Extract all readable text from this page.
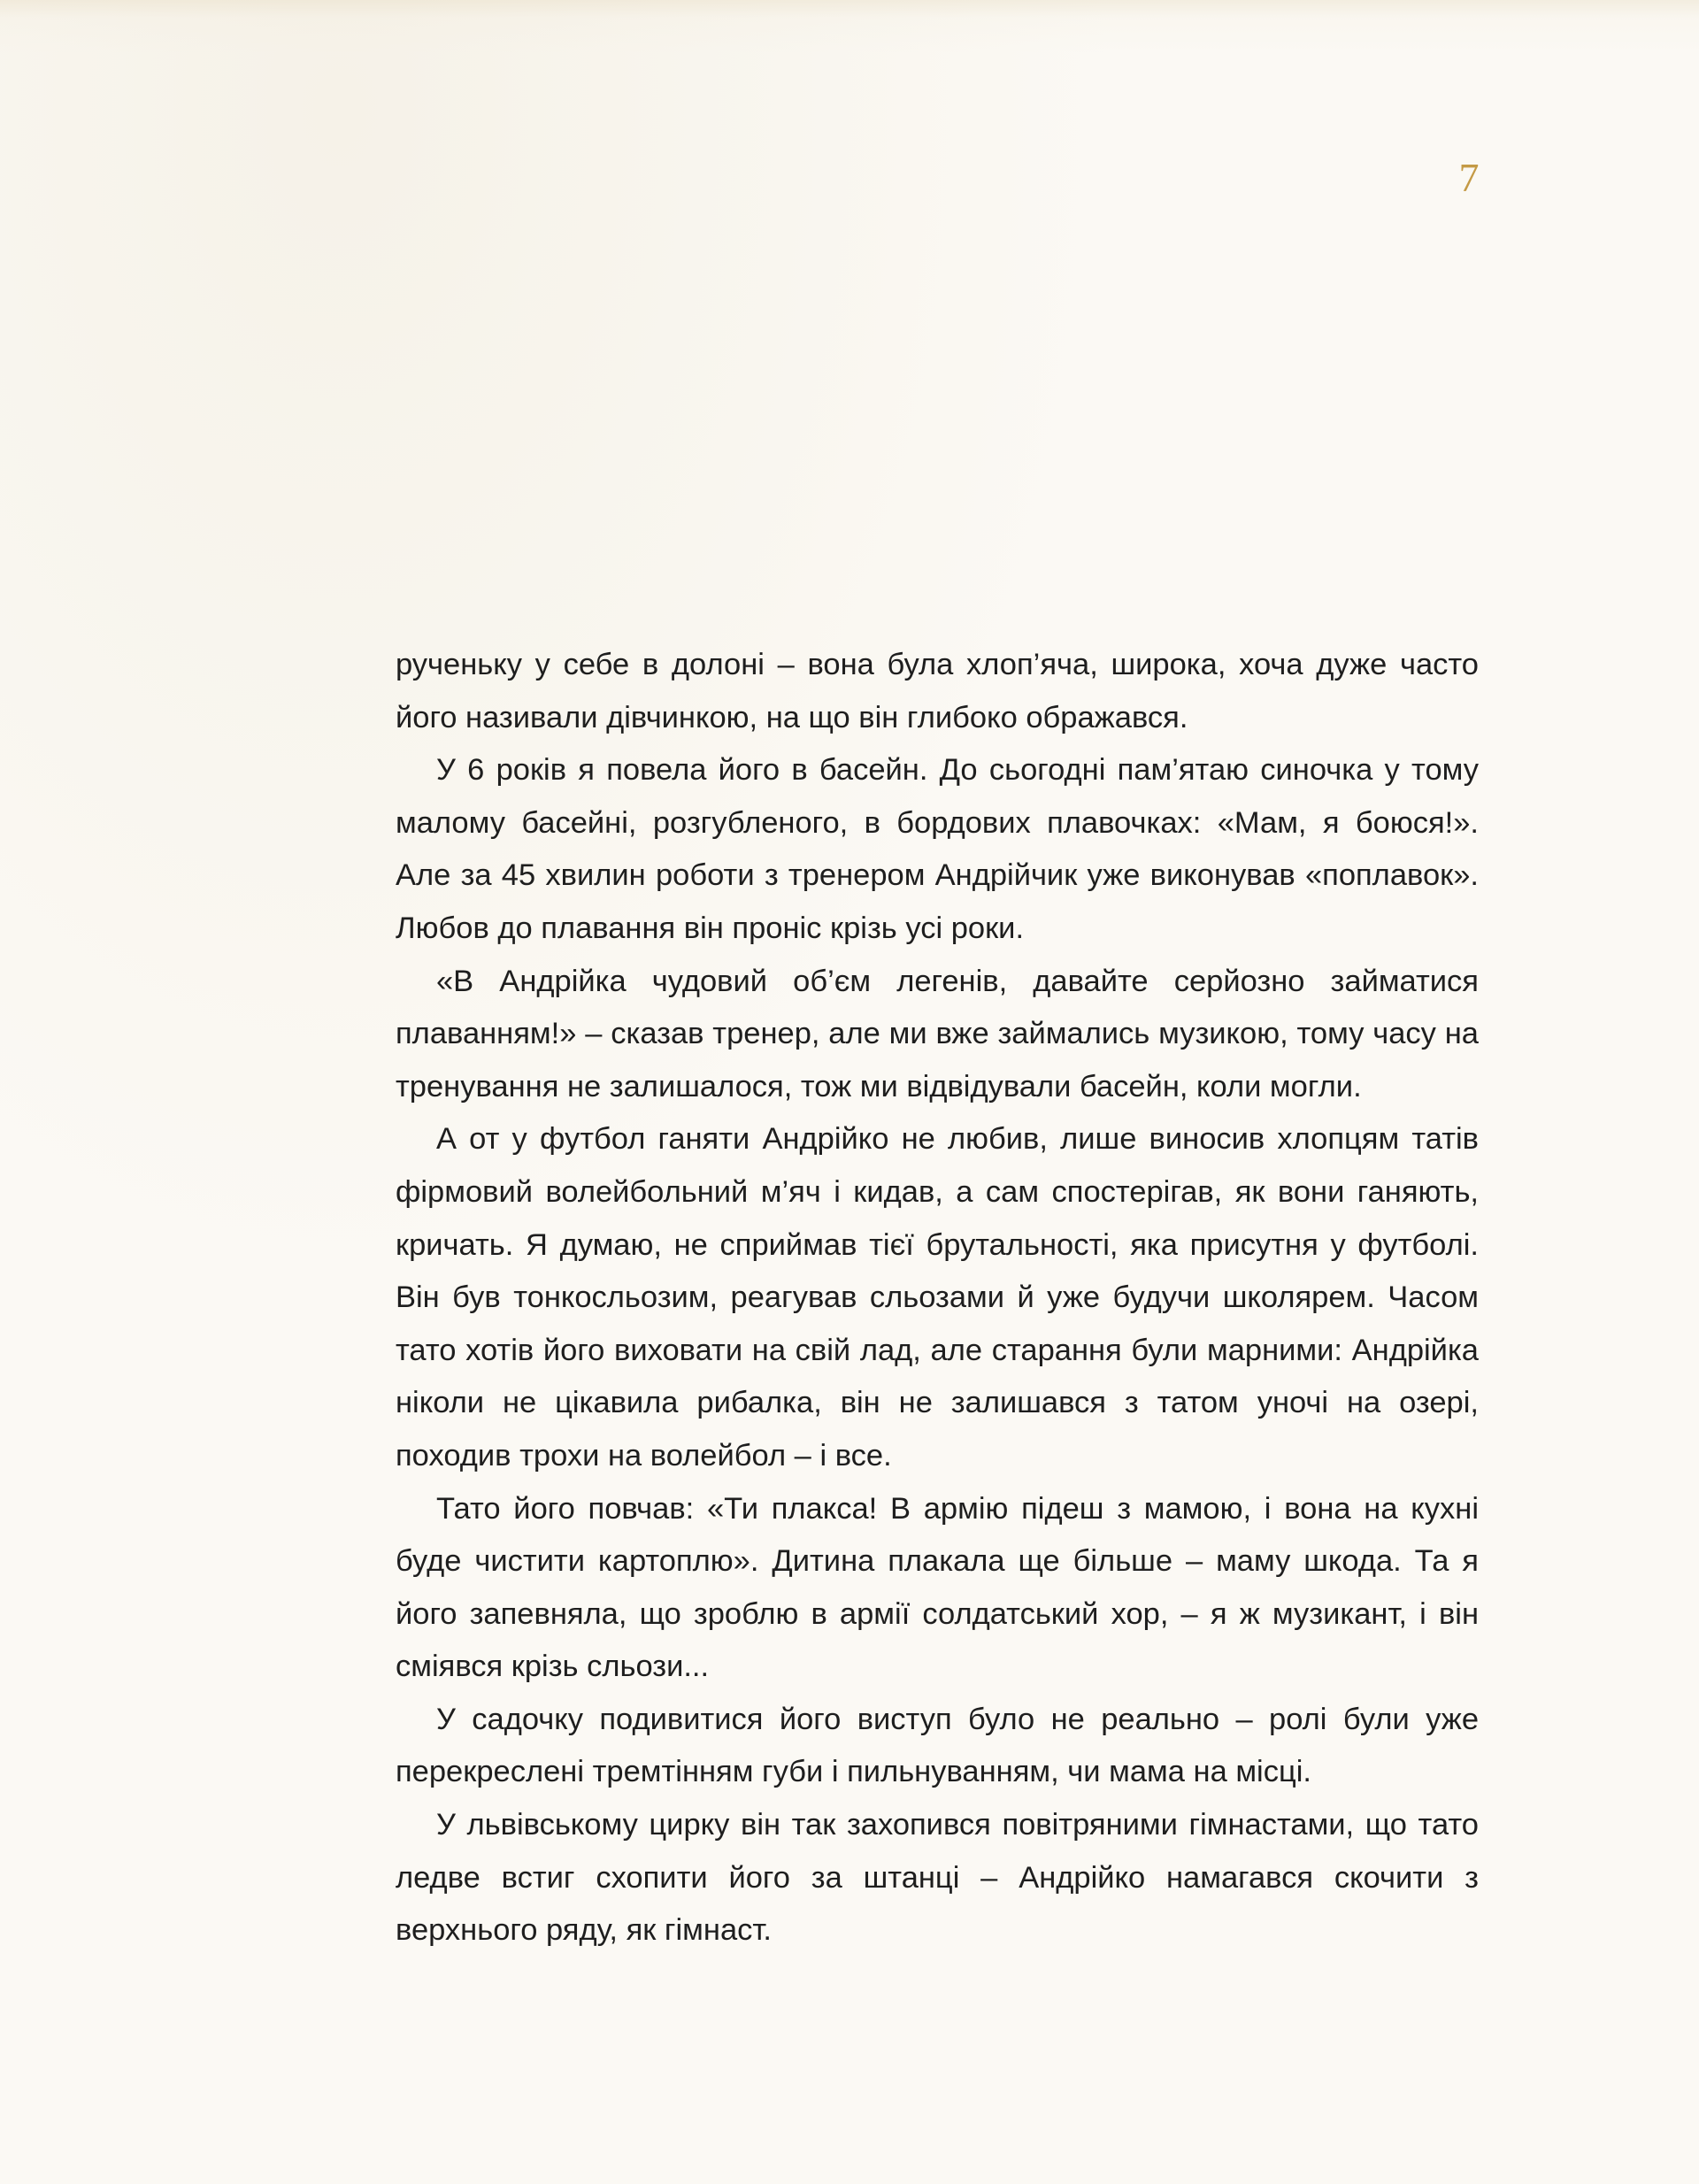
7

рученьку у себе в долоні – вона була хлоп’яча, широка, хоча дуже часто його називали дівчинкою, на що він глибоко ображався.

У 6 років я повела його в басейн. До сьогодні пам’ятаю синочка у тому малому басейні, розгубленого, в бордових плавочках: «Мам, я боюся!». Але за 45 хвилин роботи з тренером Андрійчик уже виконував «поплавок». Любов до плавання він проніс крізь усі роки.

«В Андрійка чудовий об’єм легенів, давайте серйозно займатися плаванням!» – сказав тренер, але ми вже займались музикою, тому часу на тренування не залишалося, тож ми відвідували басейн, коли могли.

А от у футбол ганяти Андрійко не любив, лише виносив хлопцям татів фірмовий волейбольний м’яч і кидав, а сам спостерігав, як вони ганяють, кричать. Я думаю, не сприймав тієї брутальності, яка присутня у футболі. Він був тонкосльозим, реагував сльозами й уже будучи школярем. Часом тато хотів його виховати на свій лад, але старання були марними: Андрійка ніколи не цікавила рибалка, він не залишався з татом уночі на озері, походив трохи на волейбол – і все.

Тато його повчав: «Ти плакса! В армію підеш з мамою, і вона на кухні буде чистити картоплю». Дитина плакала ще більше – маму шкода. Та я його запевняла, що зроблю в армії солдатський хор, – я ж музикант, і він сміявся крізь сльози...

У садочку подивитися його виступ було не реально – ролі були уже перекреслені тремтінням губи і пильнуванням, чи мама на місці.

У львівському цирку він так захопився повітряними гімнастами, що тато ледве встиг схопити його за штанці – Андрійко намагався скочити з верхнього ряду, як гімнаст.
